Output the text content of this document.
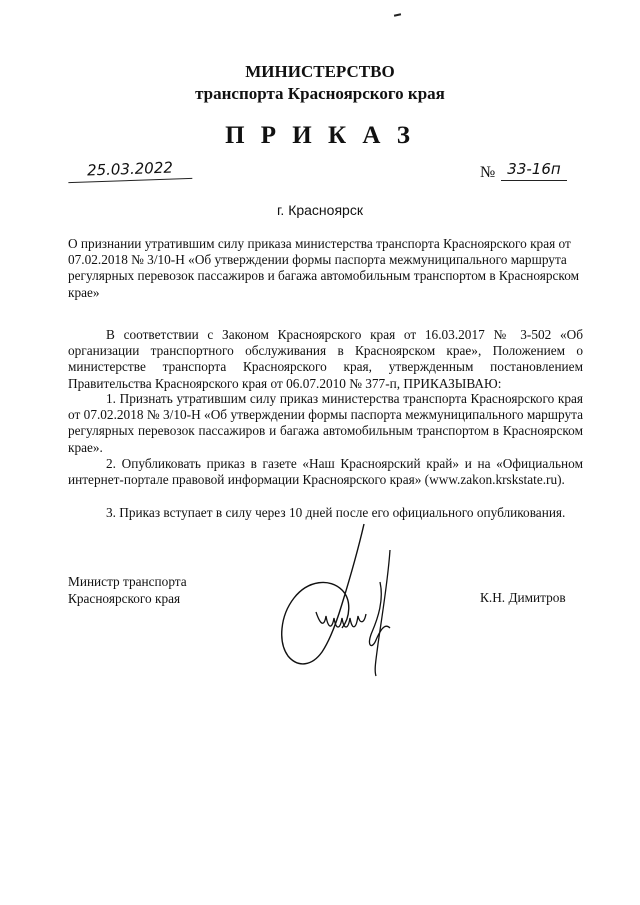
МИНИСТЕРСТВО
транспорта Красноярского края
П Р И К А З
25.03.2022	№ 33-16п
г. Красноярск

О признании утратившим силу приказа министерства транспорта Красноярского края от 07.02.2018 № 3/10-Н «Об утверждении формы паспорта межмуниципального маршрута регулярных перевозок пассажиров и багажа автомобильным транспортом в Красноярском крае»

В соответствии с Законом Красноярского края от 16.03.2017 № 3-502 «Об организации транспортного обслуживания в Красноярском крае», Положением о министерстве транспорта Красноярского края, утвержденным постановлением Правительства Красноярского края от 06.07.2010 № 377-п, ПРИКАЗЫВАЮ:

1. Признать утратившим силу приказ министерства транспорта Красноярского края от 07.02.2018 № 3/10-Н «Об утверждении формы паспорта межмуниципального маршрута регулярных перевозок пассажиров и багажа автомобильным транспортом в Красноярском крае».

2. Опубликовать приказ в газете «Наш Красноярский край» и на «Официальном интернет-портале правовой информации Красноярского края» (www.zakon.krskstate.ru).

3. Приказ вступает в силу через 10 дней после его официального опубликования.

Министр транспорта
Красноярского края	К.Н. Димитров
